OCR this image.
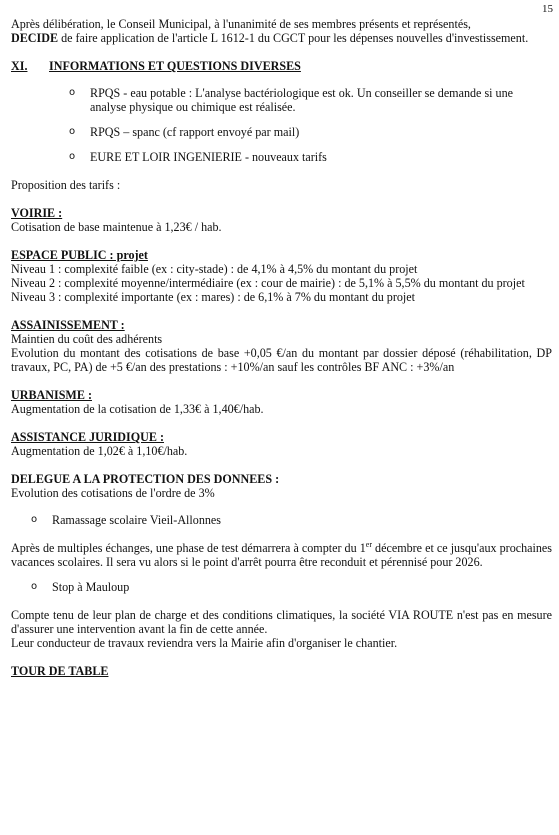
15

Après délibération, le Conseil Municipal, à l'unanimité de ses membres présents et représentés,
DECIDE de faire application de l'article L 1612-1 du CGCT pour les dépenses nouvelles d'investissement.

XI.	INFORMATIONS ET QUESTIONS DIVERSES
o	RPQS - eau potable : L'analyse bactériologique est ok. Un conseiller se demande si une analyse physique ou chimique est réalisée.
o	RPQS – spanc (cf rapport envoyé par mail)
o	EURE ET LOIR INGENIERIE - nouveaux tarifs

Proposition des tarifs :

VOIRIE :

Cotisation de base maintenue à 1,23€ / hab.

ESPACE PUBLIC : projet

Niveau 1 : complexité faible (ex : city-stade) : de 4,1% à 4,5% du montant du projet

Niveau 2 : complexité moyenne/intermédiaire (ex : cour de mairie) : de 5,1% à 5,5% du montant du projet

Niveau 3 : complexité importante (ex : mares) : de 6,1% à 7% du montant du projet

ASSAINISSEMENT :

Maintien du coût des adhérents

Evolution du montant des cotisations de base +0,05 €/an du montant par dossier déposé (réhabilitation, DP travaux, PC, PA) de +5 €/an des prestations : +10%/an sauf les contrôles BF ANC : +3%/an

URBANISME :

Augmentation de la cotisation de 1,33€ à 1,40€/hab.

ASSISTANCE JURIDIQUE :

Augmentation de 1,02€ à 1,10€/hab.

DELEGUE A LA PROTECTION DES DONNEES :

Evolution des cotisations de l'ordre de 3%

o	Ramassage scolaire Vieil-Allonnes

Après de multiples échanges, une phase de test démarrera à compter du 1er décembre et ce jusqu'aux prochaines vacances scolaires. Il sera vu alors si le point d'arrêt pourra être reconduit et pérennisé pour 2026.

o	Stop à Mauloup

Compte tenu de leur plan de charge et des conditions climatiques, la société VIA ROUTE n'est pas en mesure d'assurer une intervention avant la fin de cette année.

Leur conducteur de travaux reviendra vers la Mairie afin d'organiser le chantier.

TOUR DE TABLE
